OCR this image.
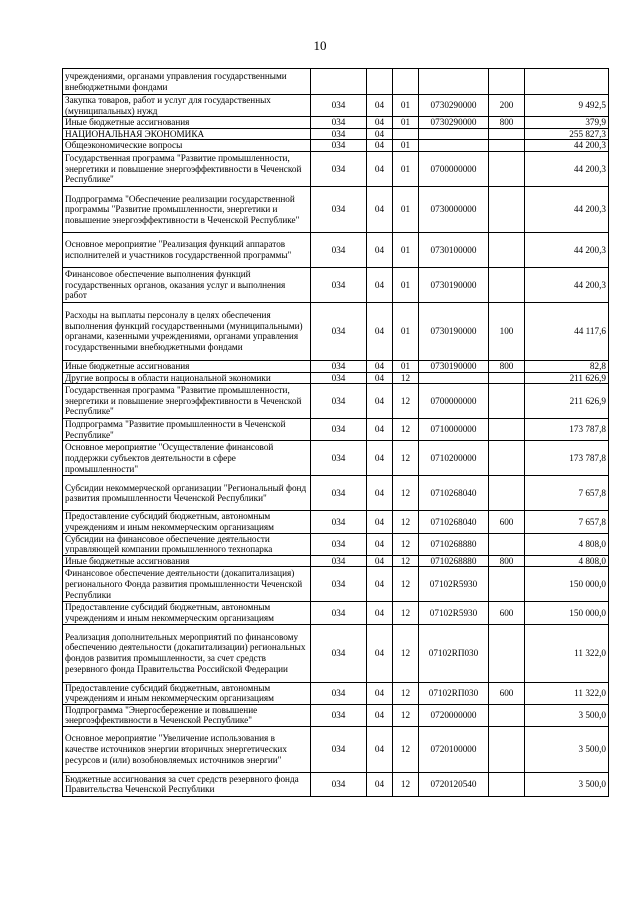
10
учреждениями, органами управления государственными внебюджетными фондами						
Закупка товаров, работ и услуг для государственных (муниципальных) нужд	034	04	01	0730290000	200	9 492,5
Иные бюджетные ассигнования	034	04	01	0730290000	800	379,9
НАЦИОНАЛЬНАЯ ЭКОНОМИКА	034	04				255 827,3
Общеэкономические вопросы	034	04	01			44 200,3
Государственная программа "Развитие промышленности, энергетики и повышение энергоэффективности в Чеченской Республике"	034	04	01	0700000000		44 200,3
Подпрограмма "Обеспечение реализации государственной программы "Развитие промышленности, энергетики и повышение энергоэффективности в Чеченской Республике"	034	04	01	0730000000		44 200,3
Основное мероприятие "Реализация функций аппаратов исполнителей и участников государственной программы"	034	04	01	0730100000		44 200,3
Финансовое обеспечение выполнения функций государственных органов, оказания услуг и выполнения работ	034	04	01	0730190000		44 200,3
Расходы на выплаты персоналу в целях обеспечения выполнения функций государственными (муниципальными) органами, казенными учреждениями, органами управления государственными внебюджетными фондами	034	04	01	0730190000	100	44 117,6
Иные бюджетные ассигнования	034	04	01	0730190000	800	82,8
Другие вопросы в области национальной экономики	034	04	12			211 626,9
Государственная программа "Развитие промышленности, энергетики и повышение энергоэффективности в Чеченской Республике"	034	04	12	0700000000		211 626,9
Подпрограмма "Развитие промышленности в Чеченской Республике"	034	04	12	0710000000		173 787,8
Основное мероприятие "Осуществление финансовой поддержки субъектов деятельности в сфере промышленности"	034	04	12	0710200000		173 787,8
Субсидии некоммерческой организации "Региональный фонд развития промышленности Чеченской Республики"	034	04	12	0710268040		7 657,8
Предоставление субсидий бюджетным, автономным учреждениям и иным некоммерческим организациям	034	04	12	0710268040	600	7 657,8
Субсидии на финансовое обеспечение деятельности управляющей компании промышленного технопарка	034	04	12	0710268880		4 808,0
Иные бюджетные ассигнования	034	04	12	0710268880	800	4 808,0
Финансовое обеспечение деятельности (докапитализация) регионального Фонда развития промышленности Чеченской Республики	034	04	12	07102R5930		150 000,0
Предоставление субсидий бюджетным, автономным учреждениям и иным некоммерческим организациям	034	04	12	07102R5930	600	150 000,0
Реализация дополнительных мероприятий по финансовому обеспечению деятельности (докапитализации) региональных фондов развития промышленности, за счет средств резервного фонда Правительства Российской Федерации	034	04	12	07102RП030		11 322,0
Предоставление субсидий бюджетным, автономным учреждениям и иным некоммерческим организациям	034	04	12	07102RП030	600	11 322,0
Подпрограмма "Энергосбережение и повышение энергоэффективности в Чеченской Республике"	034	04	12	0720000000		3 500,0
Основное мероприятие "Увеличение использования в качестве источников энергии вторичных энергетических ресурсов и (или) возобновляемых источников энергии"	034	04	12	0720100000		3 500,0
Бюджетные ассигнования за счет средств резервного фонда Правительства Чеченской Республики	034	04	12	0720120540		3 500,0
